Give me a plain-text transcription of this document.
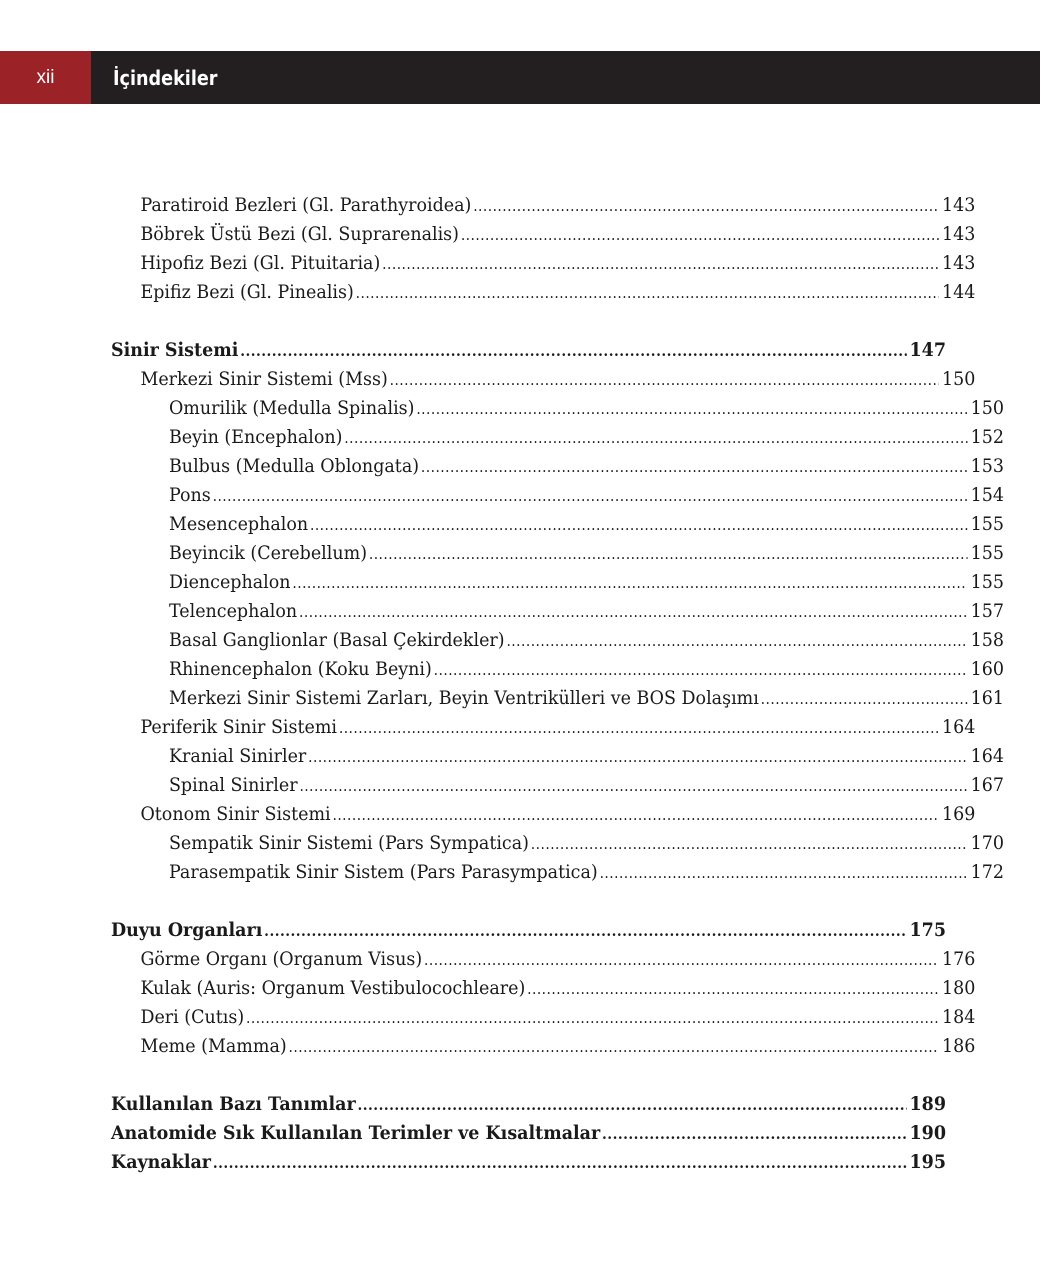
xii	İçindekiler
Paratiroid Bezleri (Gl. Parathyroidea) .....	143
Böbrek Üstü Bezi (Gl. Suprarenalis) .....	143
Hipofiz Bezi (Gl. Pituitaria) .....	143
Epifiz Bezi (Gl. Pinealis) .....	144
Sinir Sistemi .....	147
Merkezi Sinir Sistemi (Mss) .....	150
Omurilik (Medulla Spinalis) .....	150
Beyin (Encephalon) .....	152
Bulbus (Medulla Oblongata) .....	153
Pons .....	154
Mesencephalon .....	155
Beyincik (Cerebellum) .....	155
Diencephalon .....	155
Telencephalon .....	157
Basal Ganglionlar (Basal Çekirdekler) .....	158
Rhinencephalon (Koku Beyni) .....	160
Merkezi Sinir Sistemi Zarları, Beyin Ventrikülleri ve BOS Dolaşımı .....	161
Periferik Sinir Sistemi .....	164
Kranial Sinirler .....	164
Spinal Sinirler .....	167
Otonom Sinir Sistemi .....	169
Sempatik Sinir Sistemi (Pars Sympatica) .....	170
Parasempatik Sinir Sistem (Pars Parasympatica) .....	172
Duyu Organları .....	175
Görme Organı (Organum Visus) .....	176
Kulak (Auris: Organum Vestibulocochleare) .....	180
Deri (Cutıs) .....	184
Meme (Mamma) .....	186
Kullanılan Bazı Tanımlar .....	189
Anatomide Sık Kullanılan Terimler ve Kısaltmalar .....	190
Kaynaklar .....	195
